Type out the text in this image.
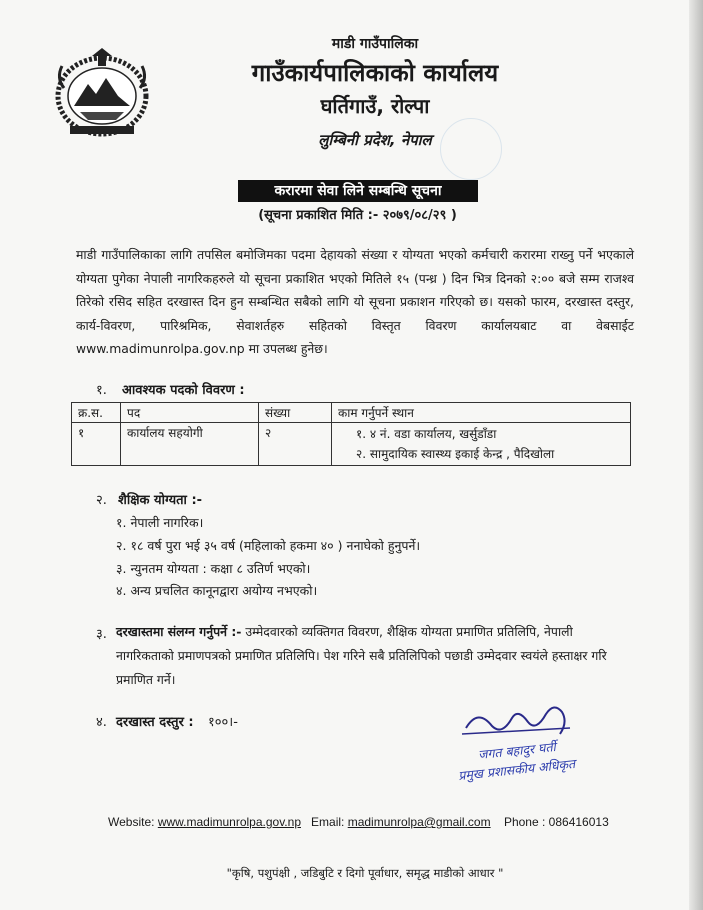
माडी गाउँपालिका
गाउँकार्यपालिकाको कार्यालय
घर्तिगाउँ, रोल्पा
लुम्बिनी प्रदेश, नेपाल
करारमा सेवा लिने सम्बन्धि सूचना
(सूचना प्रकाशित मिति :- २०७९/०८/२९ )
माडी गाउँपालिकाका लागि तपसिल बमोजिमका पदमा देहायको संख्या र योग्यता भएको कर्मचारी करारमा राख्नु पर्ने भएकाले योग्यता पुगेका नेपाली नागरिकहरुले यो सूचना प्रकाशित भएको मितिले १५ (पन्ध्र ) दिन भित्र दिनको २:०० बजे सम्म राजश्व तिरेको रसिद सहित दरखास्त दिन हुन सम्बन्धित सबैको लागि यो सूचना प्रकाशन गरिएको छ। यसको फारम, दरखास्त दस्तुर, कार्य-विवरण, पारिश्रमिक, सेवाशर्तहरु सहितको विस्तृत विवरण कार्यालयबाट वा वेबसाईट www.madimunrolpa.gov.np मा उपलब्ध हुनेछ।
१. आवश्यक पदको विवरण :
क्र.स.	पद	संख्या	काम गर्नुपर्ने स्थान
१	कार्यालय सहयोगी	२	१. ४ नं. वडा कार्यालय, खर्सुडाँडा
२. सामुदायिक स्वास्थ्य इकाई केन्द्र , पैदिखोला
२. शैक्षिक योग्यता :-
१. नेपाली नागरिक।
२. १८ वर्ष पुरा भई ३५ वर्ष (महिलाको हकमा ४० ) ननाघेको हुनुपर्ने।
३. न्युनतम योग्यता : कक्षा ८ उतिर्ण भएको।
४. अन्य प्रचलित कानूनद्वारा अयोग्य नभएको।
३. दरखास्तमा संलग्न गर्नुपर्ने :- उम्मेदवारको व्यक्तिगत विवरण, शैक्षिक योग्यता प्रमाणित प्रतिलिपि, नेपाली नागरिकताको प्रमाणपत्रको प्रमाणित प्रतिलिपि। पेश गरिने सबै प्रतिलिपिको पछाडी उम्मेदवार स्वयंले हस्ताक्षर गरि प्रमाणित गर्ने।
४. दरखास्त दस्तुर : १००।-
जगत बहादुर घर्ती
प्रमुख प्रशासकीय अधिकृत
Website: www.madimunrolpa.gov.np Email: madimunrolpa@gmail.com Phone : 086416013
"कृषि, पशुपंक्षी , जडिबुटि र दिगो पूर्वाधार, समृद्ध माडीको आधार "
